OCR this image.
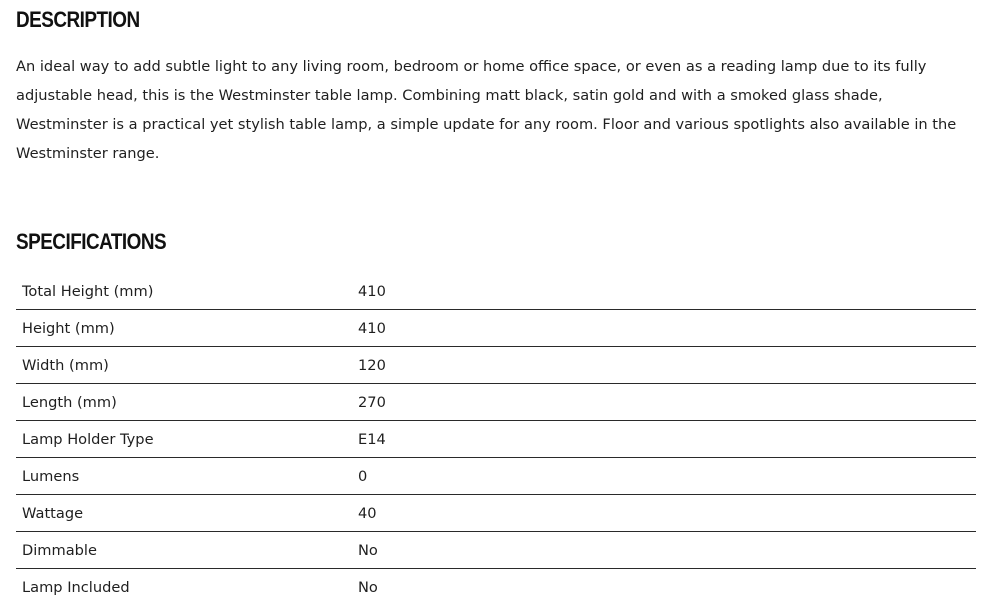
DESCRIPTION

An ideal way to add subtle light to any living room, bedroom or home office space, or even as a reading lamp due to its fully
adjustable head, this is the Westminster table lamp. Combining matt black, satin gold and with a smoked glass shade,
Westminster is a practical yet stylish table lamp, a simple update for any room. Floor and various spotlights also available in the
Westminster range.

SPECIFICATIONS
Total Height (mm)	410
Height (mm)	410
Width (mm)	120
Length (mm)	270
Lamp Holder Type	E14
Lumens	0
Wattage	40
Dimmable	No
Lamp Included	No
